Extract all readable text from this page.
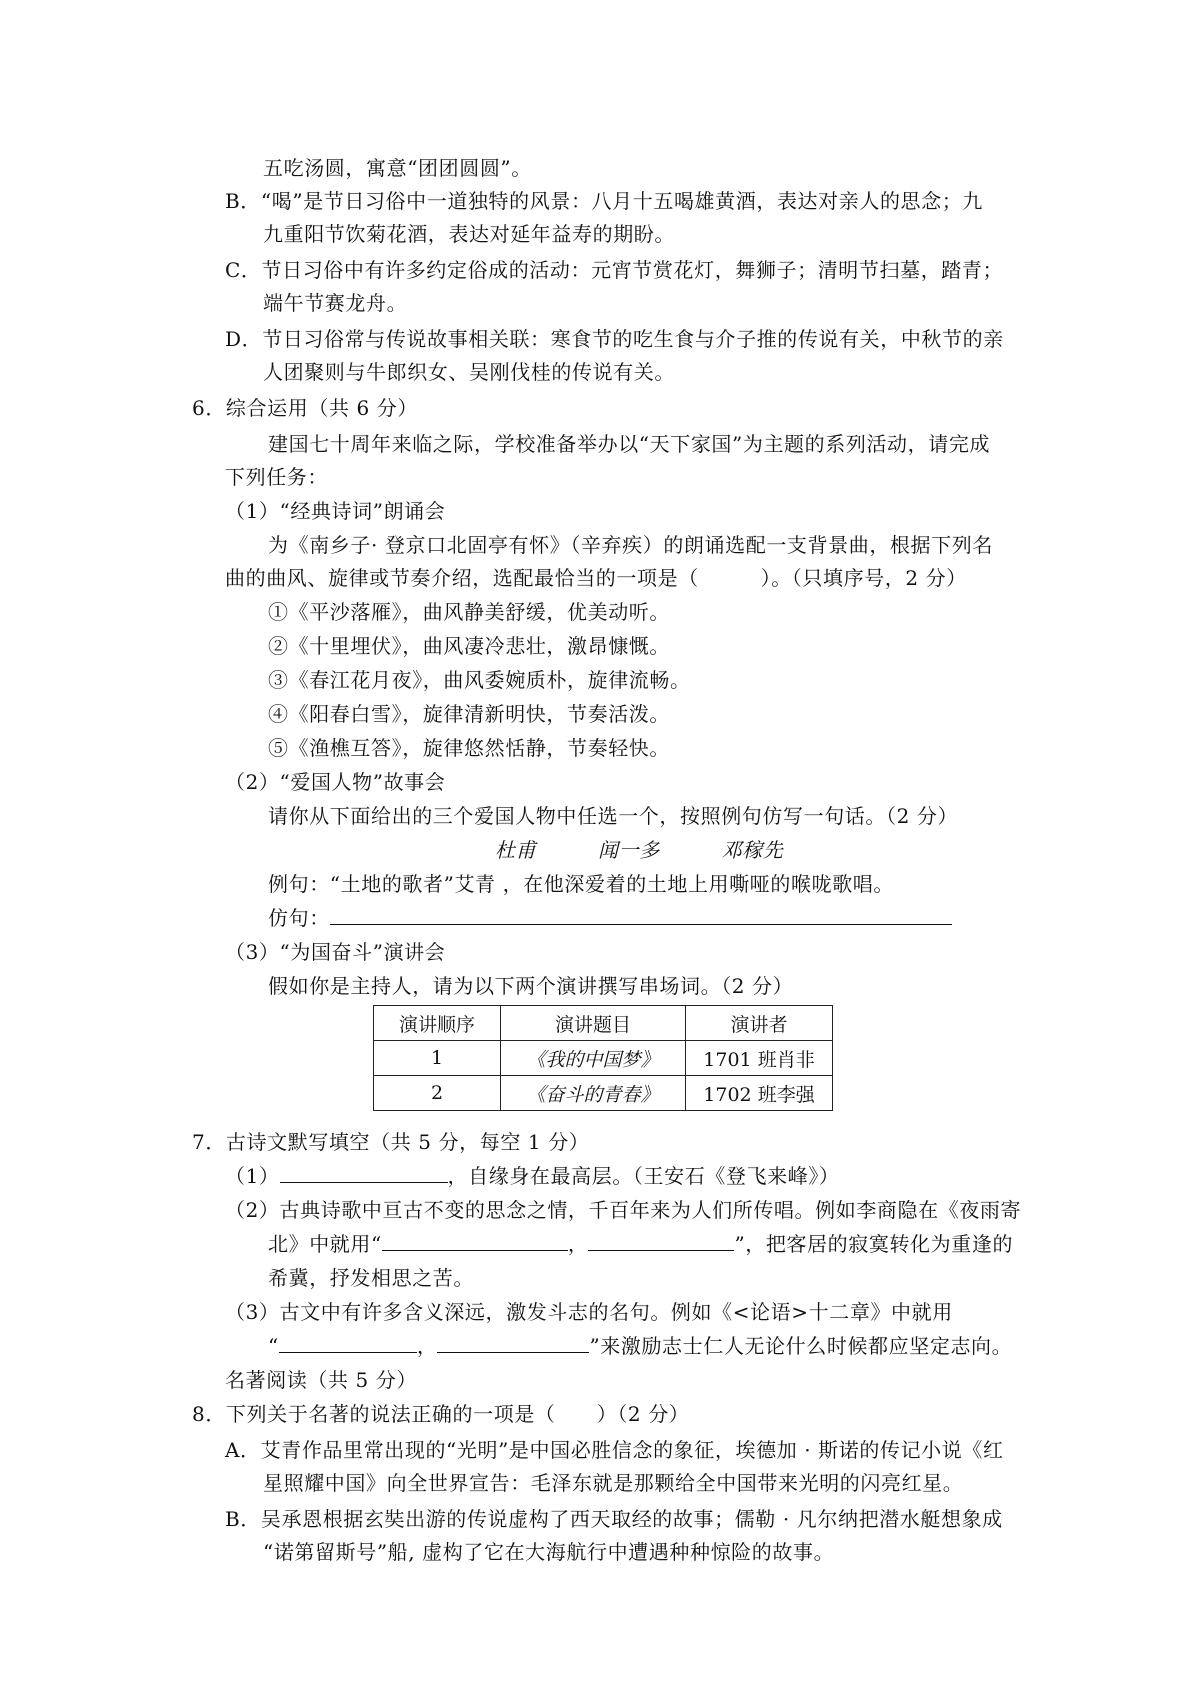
五吃汤圆，寓意“团团圆圆”。
B．“喝”是节日习俗中一道独特的风景：八月十五喝雄黄酒，表达对亲人的思念；九
九重阳节饮菊花酒，表达对延年益寿的期盼。
C．节日习俗中有许多约定俗成的活动：元宵节赏花灯，舞狮子；清明节扫墓，踏青；
端午节赛龙舟。
D．节日习俗常与传说故事相关联：寒食节的吃生食与介子推的传说有关，中秋节的亲
人团聚则与牛郎织女、吴刚伐桂的传说有关。
6．综合运用（共 6 分）
建国七十周年来临之际，学校准备举办以“天下家国”为主题的系列活动，请完成
下列任务：
（1）“经典诗词”朗诵会
为《南乡子· 登京口北固亭有怀》（辛弃疾）的朗诵选配一支背景曲，根据下列名
曲的曲风、旋律或节奏介绍，选配最恰当的一项是（　　　）。（只填序号，2 分）
①《平沙落雁》，曲风静美舒缓，优美动听。
②《十里埋伏》，曲风凄冷悲壮，激昂慷慨。
③《春江花月夜》，曲风委婉质朴，旋律流畅。
④《阳春白雪》，旋律清新明快，节奏活泼。
⑤《渔樵互答》，旋律悠然恬静，节奏轻快。
（2）“爱国人物”故事会
请你从下面给出的三个爱国人物中任选一个，按照例句仿写一句话。（2 分）
杜甫　　　闻一多　　　邓稼先
例句：“土地的歌者”艾青 ，在他深爱着的土地上用嘶哑的喉咙歌唱。
仿句：
（3）“为国奋斗”演讲会
假如你是主持人，请为以下两个演讲撰写串场词。（2 分）
演讲顺序	演讲题目	演讲者
1	《我的中国梦》	1701 班肖非
2	《奋斗的青春》	1702 班李强
7．古诗文默写填空（共 5 分，每空 1 分）
（1）	，自缘身在最高层。（王安石《登飞来峰》）
（2）古典诗歌中亘古不变的思念之情，千百年来为人们所传唱。例如李商隐在《夜雨寄
北》中就用“	，	”，把客居的寂寞转化为重逢的
希冀，抒发相思之苦。
（3）古文中有许多含义深远，激发斗志的名句。例如《<论语>十二章》中就用
“	，	”来激励志士仁人无论什么时候都应坚定志向。
名著阅读（共 5 分）
8．下列关于名著的说法正确的一项是（　　）（2 分）
A．艾青作品里常出现的“光明”是中国必胜信念的象征，埃德加 · 斯诺的传记小说《红
星照耀中国》向全世界宣告：毛泽东就是那颗给全中国带来光明的闪亮红星。
B．吴承恩根据玄奘出游的传说虚构了西天取经的故事；儒勒 · 凡尔纳把潜水艇想象成
“诺第留斯号”船, 虚构了它在大海航行中遭遇种种惊险的故事。
